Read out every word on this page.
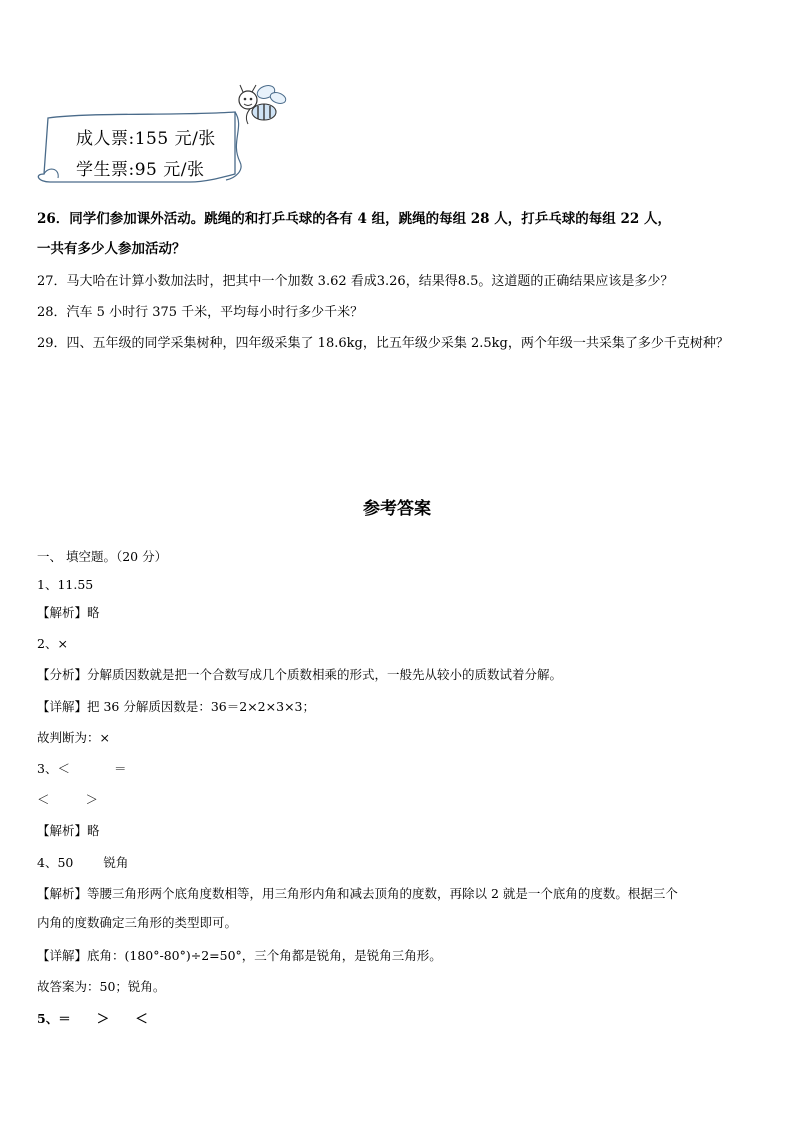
成人票:155 元/张
学生票:95 元/张
26．同学们参加课外活动。跳绳的和打乒乓球的各有 4 组，跳绳的每组 28 人，打乒乓球的每组 22 人，
一共有多少人参加活动？
27．马大哈在计算小数加法时，把其中一个加数 3.62 看成3.26，结果得8.5。这道题的正确结果应该是多少？
28．汽车 5 小时行 375 千米，平均每小时行多少千米？
29．四、五年级的同学采集树种，四年级采集了 18.6kg，比五年级少采集 2.5kg，两个年级一共采集了多少千克树种？
参考答案
一、 填空题。（20 分）
1、11.55
【解析】略
2、×
【分析】分解质因数就是把一个合数写成几个质数相乘的形式，一般先从较小的质数试着分解。
【详解】把 36 分解质因数是：36＝2×2×3×3；
故判断为：×
3、＜	＝
＜	＞
【解析】略
4、50 锐角
【解析】等腰三角形两个底角度数相等，用三角形内角和减去顶角的度数，再除以 2 就是一个底角的度数。根据三个
内角的度数确定三角形的类型即可。
【详解】底角：(180°-80°)÷2=50°，三个角都是锐角，是锐角三角形。
故答案为：50；锐角。
5、＝ ＞ ＜
